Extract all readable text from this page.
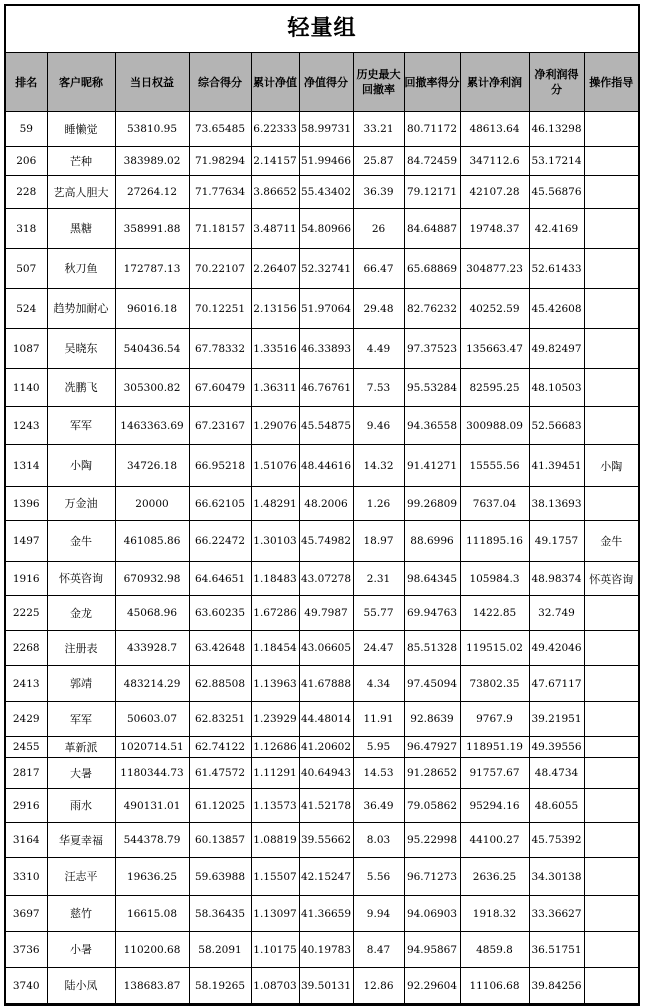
轻量组
排名	客户昵称	当日权益	综合得分	累计净值	净值得分	历史最大回撤率	回撤率得分	累计净利润	净利润得分	操作指导
59	睡懒觉	53810.95	73.65485	6.22333	58.99731	33.21	80.71172	48613.64	46.13298	
206	芒种	383989.02	71.98294	2.14157	51.99466	25.87	84.72459	347112.6	53.17214	
228	艺高人胆大	27264.12	71.77634	3.86652	55.43402	36.39	79.12171	42107.28	45.56876	
318	黑糖	358991.88	71.18157	3.48711	54.80966	26	84.64887	19748.37	42.4169	
507	秋刀鱼	172787.13	70.22107	2.26407	52.32741	66.47	65.68869	304877.23	52.61433	
524	趋势加耐心	96016.18	70.12251	2.13156	51.97064	29.48	82.76232	40252.59	45.42608	
1087	吴晓东	540436.54	67.78332	1.33516	46.33893	4.49	97.37523	135663.47	49.82497	
1140	冼鹏飞	305300.82	67.60479	1.36311	46.76761	7.53	95.53284	82595.25	48.10503	
1243	军军	1463363.69	67.23167	1.29076	45.54875	9.46	94.36558	300988.09	52.56683	
1314	小陶	34726.18	66.95218	1.51076	48.44616	14.32	91.41271	15555.56	41.39451	小陶
1396	万金油	20000	66.62105	1.48291	48.2006	1.26	99.26809	7637.04	38.13693	
1497	金牛	461085.86	66.22472	1.30103	45.74982	18.97	88.6996	111895.16	49.1757	金牛
1916	怀英咨询	670932.98	64.64651	1.18483	43.07278	2.31	98.64345	105984.3	48.98374	怀英咨询
2225	金龙	45068.96	63.60235	1.67286	49.7987	55.77	69.94763	1422.85	32.749	
2268	注册表	433928.7	63.42648	1.18454	43.06605	24.47	85.51328	119515.02	49.42046	
2413	郭靖	483214.29	62.88508	1.13963	41.67888	4.34	97.45094	73802.35	47.67117	
2429	军军	50603.07	62.83251	1.23929	44.48014	11.91	92.8639	9767.9	39.21951	
2455	革新派	1020714.51	62.74122	1.12686	41.20602	5.95	96.47927	118951.19	49.39556	
2817	大暑	1180344.73	61.47572	1.11291	40.64943	14.53	91.28652	91757.67	48.4734	
2916	雨水	490131.01	61.12025	1.13573	41.52178	36.49	79.05862	95294.16	48.6055	
3164	华夏幸福	544378.79	60.13857	1.08819	39.55662	8.03	95.22998	44100.27	45.75392	
3310	汪志平	19636.25	59.63988	1.15507	42.15247	5.56	96.71273	2636.25	34.30138	
3697	慈竹	16615.08	58.36435	1.13097	41.36659	9.94	94.06903	1918.32	33.36627	
3736	小暑	110200.68	58.2091	1.10175	40.19783	8.47	94.95867	4859.8	36.51751	
3740	陆小凤	138683.87	58.19265	1.08703	39.50131	12.86	92.29604	11106.68	39.84256	
